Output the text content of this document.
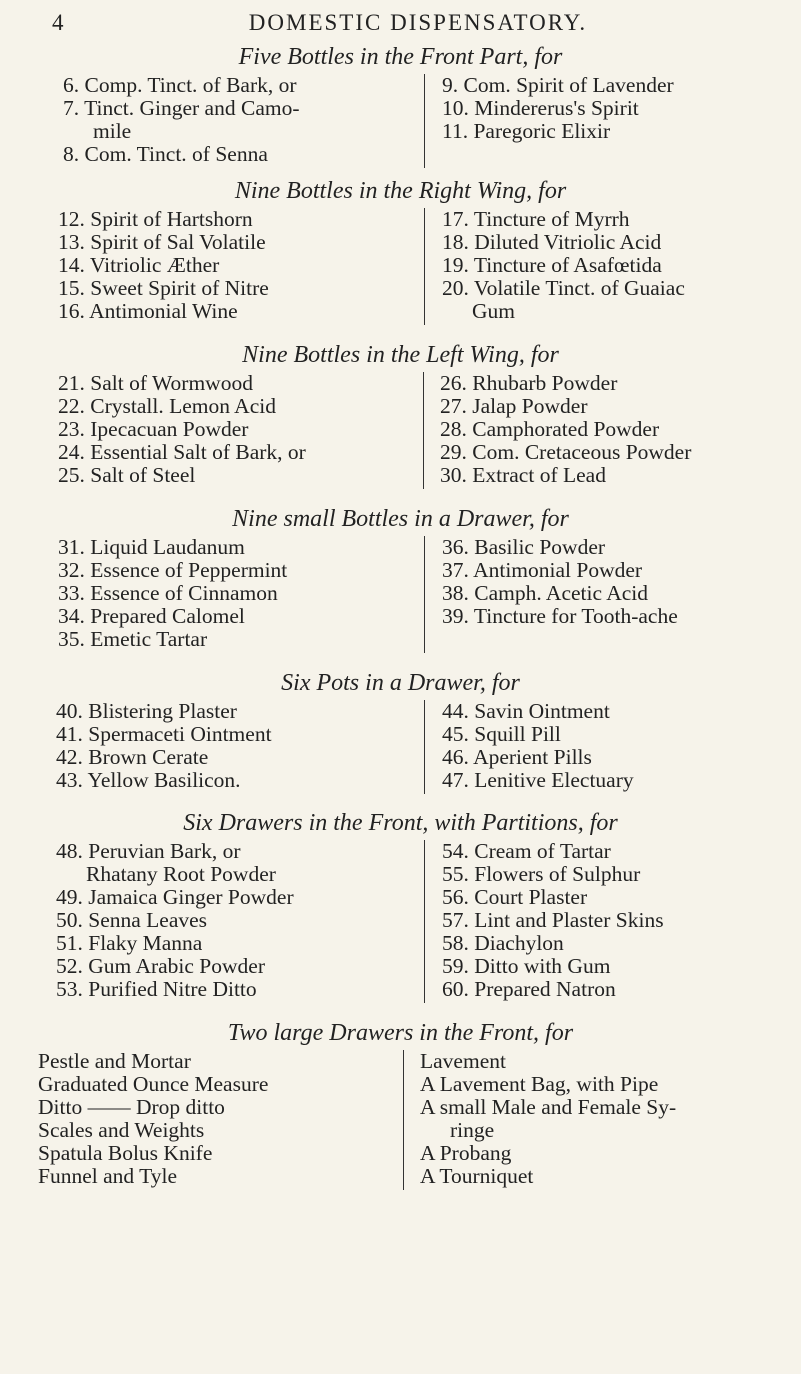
4	DOMESTIC DISPENSATORY.
Five Bottles in the Front Part, for
6. Comp. Tinct. of Bark, or
7. Tinct. Ginger and Camo-
mile
8. Com. Tinct. of Senna
9. Com. Spirit of Lavender
10. Mindererus's Spirit
11. Paregoric Elixir
Nine Bottles in the Right Wing, for
12. Spirit of Hartshorn
13. Spirit of Sal Volatile
14. Vitriolic Æther
15. Sweet Spirit of Nitre
16. Antimonial Wine
17. Tincture of Myrrh
18. Diluted Vitriolic Acid
19. Tincture of Asafœtida
20. Volatile Tinct. of Guaiac
Gum
Nine Bottles in the Left Wing, for
21. Salt of Wormwood
22. Crystall. Lemon Acid
23. Ipecacuan Powder
24. Essential Salt of Bark, or
25. Salt of Steel
26. Rhubarb Powder
27. Jalap Powder
28. Camphorated Powder
29. Com. Cretaceous Powder
30. Extract of Lead
Nine small Bottles in a Drawer, for
31. Liquid Laudanum
32. Essence of Peppermint
33. Essence of Cinnamon
34. Prepared Calomel
35. Emetic Tartar
36. Basilic Powder
37. Antimonial Powder
38. Camph. Acetic Acid
39. Tincture for Tooth-ache
Six Pots in a Drawer, for
40. Blistering Plaster
41. Spermaceti Ointment
42. Brown Cerate
43. Yellow Basilicon.
44. Savin Ointment
45. Squill Pill
46. Aperient Pills
47. Lenitive Electuary
Six Drawers in the Front, with Partitions, for
48. Peruvian Bark, or
Rhatany Root Powder
49. Jamaica Ginger Powder
50. Senna Leaves
51. Flaky Manna
52. Gum Arabic Powder
53. Purified Nitre Ditto
54. Cream of Tartar
55. Flowers of Sulphur
56. Court Plaster
57. Lint and Plaster Skins
58. Diachylon
59. Ditto with Gum
60. Prepared Natron
Two large Drawers in the Front, for
Pestle and Mortar
Graduated Ounce Measure
Ditto —— Drop ditto
Scales and Weights
Spatula Bolus Knife
Funnel and Tyle
Lavement
A Lavement Bag, with Pipe
A small Male and Female Sy-
ringe
A Probang
A Tourniquet
